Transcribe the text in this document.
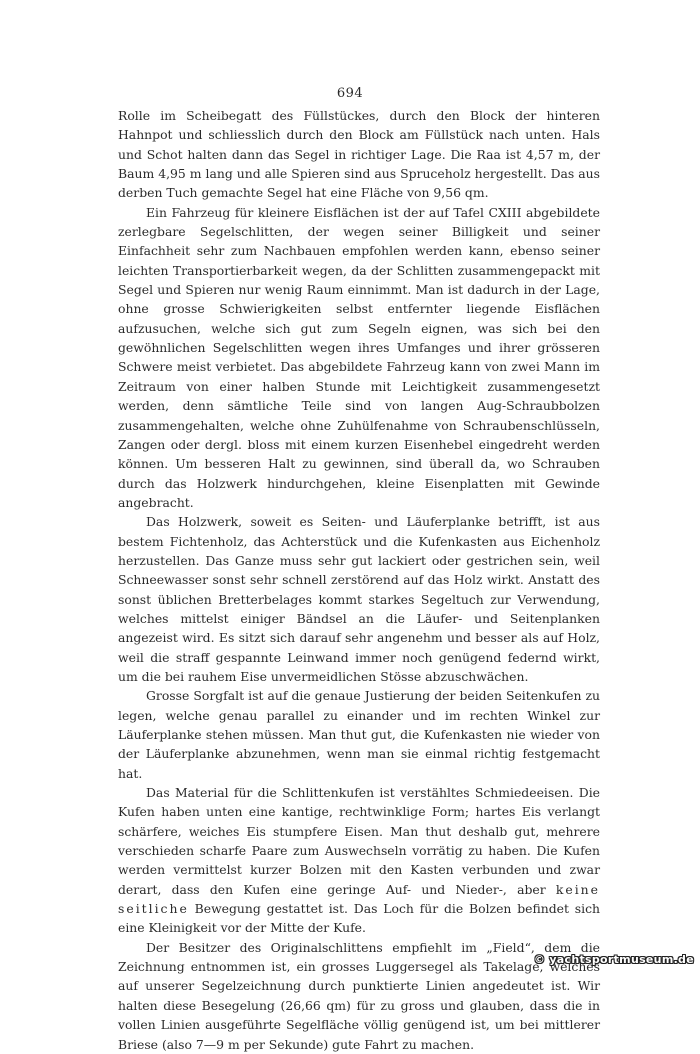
694

Rolle im Scheibegatt des Füllstückes, durch den Block der hinteren Hahnpot und schliesslich durch den Block am Füllstück nach unten. Hals und Schot halten dann das Segel in richtiger Lage. Die Raa ist 4,57 m, der Baum 4,95 m lang und alle Spieren sind aus Spruceholz hergestellt. Das aus derben Tuch gemachte Segel hat eine Fläche von 9,56 qm.

Ein Fahrzeug für kleinere Eisflächen ist der auf Tafel CXIII abgebildete zerlegbare Segelschlitten, der wegen seiner Billigkeit und seiner Einfachheit sehr zum Nachbauen empfohlen werden kann, ebenso seiner leichten Transportierbarkeit wegen, da der Schlitten zusammengepackt mit Segel und Spieren nur wenig Raum einnimmt. Man ist dadurch in der Lage, ohne grosse Schwierigkeiten selbst entfernter liegende Eisflächen aufzusuchen, welche sich gut zum Segeln eignen, was sich bei den gewöhnlichen Segelschlitten wegen ihres Umfanges und ihrer grösseren Schwere meist verbietet. Das abgebildete Fahrzeug kann von zwei Mann im Zeitraum von einer halben Stunde mit Leichtigkeit zusammengesetzt werden, denn sämtliche Teile sind von langen Aug-Schraubbolzen zusammengehalten, welche ohne Zuhülfenahme von Schraubenschlüsseln, Zangen oder dergl. bloss mit einem kurzen Eisenhebel eingedreht werden können. Um besseren Halt zu gewinnen, sind überall da, wo Schrauben durch das Holzwerk hindurchgehen, kleine Eisenplatten mit Gewinde angebracht.

Das Holzwerk, soweit es Seiten- und Läuferplanke betrifft, ist aus bestem Fichtenholz, das Achterstück und die Kufenkasten aus Eichenholz herzustellen. Das Ganze muss sehr gut lackiert oder gestrichen sein, weil Schneewasser sonst sehr schnell zerstörend auf das Holz wirkt. Anstatt des sonst üblichen Bretterbelages kommt starkes Segeltuch zur Verwendung, welches mittelst einiger Bändsel an die Läufer- und Seitenplanken angezeist wird. Es sitzt sich darauf sehr angenehm und besser als auf Holz, weil die straff gespannte Leinwand immer noch genügend federnd wirkt, um die bei rauhem Eise unvermeidlichen Stösse abzuschwächen.

Grosse Sorgfalt ist auf die genaue Justierung der beiden Seitenkufen zu legen, welche genau parallel zu einander und im rechten Winkel zur Läuferplanke stehen müssen. Man thut gut, die Kufenkasten nie wieder von der Läuferplanke abzunehmen, wenn man sie einmal richtig festgemacht hat.

Das Material für die Schlittenkufen ist verstähltes Schmiedeeisen. Die Kufen haben unten eine kantige, rechtwinklige Form; hartes Eis verlangt schärfere, weiches Eis stumpfere Eisen. Man thut deshalb gut, mehrere verschieden scharfe Paare zum Auswechseln vorrätig zu haben. Die Kufen werden vermittelst kurzer Bolzen mit den Kasten verbunden und zwar derart, dass den Kufen eine geringe Auf- und Nieder-, aber keine seitliche Bewegung gestattet ist. Das Loch für die Bolzen befindet sich eine Kleinigkeit vor der Mitte der Kufe.

Der Besitzer des Originalschlittens empfiehlt im „Field“, dem die Zeichnung entnommen ist, ein grosses Luggersegel als Takelage, welches auf unserer Segelzeichnung durch punktierte Linien angedeutet ist. Wir halten diese Besegelung (26,66 qm) für zu gross und glauben, dass die in vollen Linien ausgeführte Segelfläche völlig genügend ist, um bei mittlerer Briese (also 7—9 m per Sekunde) gute Fahrt zu machen.

© yachtsportmuseum.de
